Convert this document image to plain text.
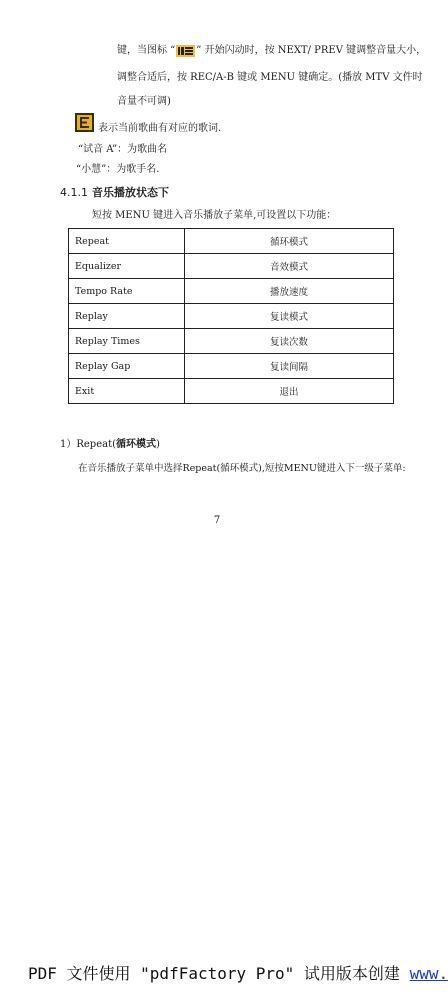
键，当图标 “ ” 开始闪动时，按 NEXT/ PREV 键调整音量大小，
调整合适后，按 REC/A-B 键或 MENU 键确定。(播放 MTV 文件时
音量不可调)
表示当前歌曲有对应的歌词.
“试音 A”：为歌曲名
“小慧”：为歌手名.
4.1.1 音乐播放状态下
短按 MENU 键进入音乐播放子菜单,可设置以下功能：
Repeat	循环模式
Equalizer	音效模式
Tempo Rate	播放速度
Replay	复读模式
Replay Times	复读次数
Replay Gap	复读间隔
Exit	退出
1）Repeat(循环模式)
在音乐播放子菜单中选择Repeat(循环模式),短按MENU键进入下一级子菜单:
7
PDF 文件使用 "pdfFactory Pro" 试用版本创建 www.
